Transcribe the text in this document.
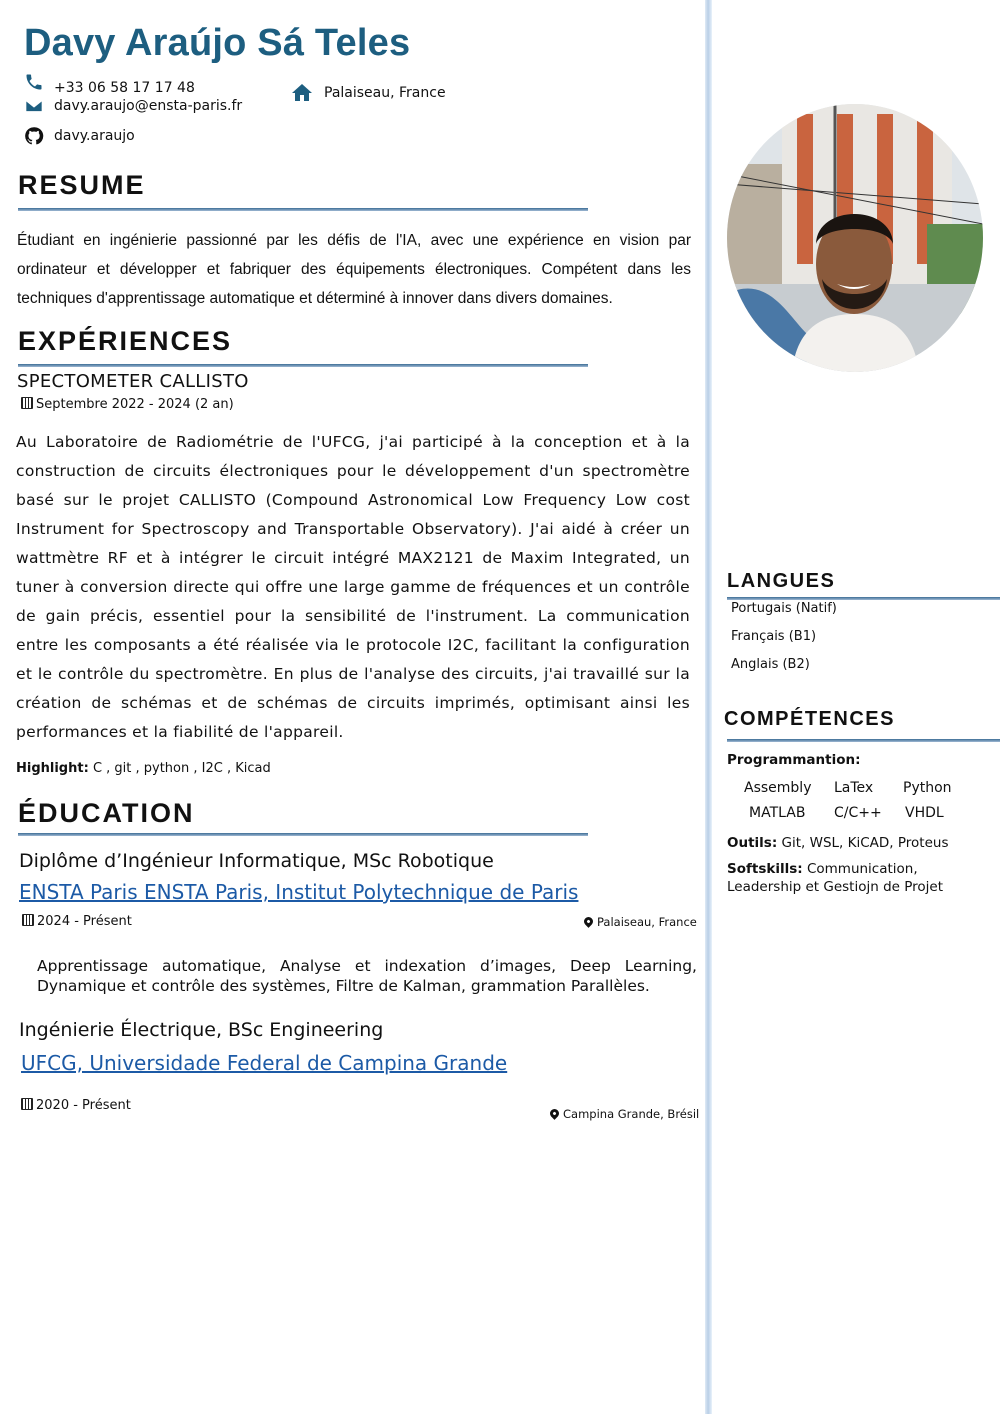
Davy Araújo Sá Teles
+33 06 58 17 17 48
davy.araujo@ensta-paris.fr
davy.araujo
Palaiseau, France
RESUME
Étudiant en ingénierie passionné par les défis de l'IA, avec une expérience en vision par ordinateur et développer et fabriquer des équipements électroniques. Compétent dans les techniques d'apprentissage automatique et déterminé à innover dans divers domaines.
EXPÉRIENCES
SPECTOMETER CALLISTO
Septembre 2022 - 2024 (2 an)
Au Laboratoire de Radiométrie de l'UFCG, j'ai participé à la conception et à la construction de circuits électroniques pour le développement d'un spectromètre basé sur le projet CALLISTO (Compound Astronomical Low Frequency Low cost Instrument for Spectroscopy and Transportable Observatory). J'ai aidé à créer un wattmètre RF et à intégrer le circuit intégré MAX2121 de Maxim Integrated, un tuner à conversion directe qui offre une large gamme de fréquences et un contrôle de gain précis, essentiel pour la sensibilité de l'instrument. La communication entre les composants a été réalisée via le protocole I2C, facilitant la configuration et le contrôle du spectromètre. En plus de l'analyse des circuits, j'ai travaillé sur la création de schémas et de schémas de circuits imprimés, optimisant ainsi les performances et la fiabilité de l'appareil.
Highlight: C , git , python , I2C , Kicad
ÉDUCATION
Diplôme d’Ingénieur Informatique, MSc Robotique
ENSTA Paris ENSTA Paris, Institut Polytechnique de Paris
2024 - Présent	Palaiseau, France
Apprentissage automatique, Analyse et indexation d’images, Deep Learning, Dynamique et contrôle des systèmes, Filtre de Kalman, grammation Parallèles.
Ingénierie Électrique, BSc Engineering
UFCG, Universidade Federal de Campina Grande
2020 - Présent
Campina Grande, Brésil
LANGUES
Portugais (Natif)
Français (B1)
Anglais (B2)
COMPÉTENCES
Programmantion:
Assembly LaTex Python
MATLAB C/C++ VHDL
Outils: Git, WSL, KiCAD, Proteus
Softskills: Communication, Leadership et Gestiojn de Projet
